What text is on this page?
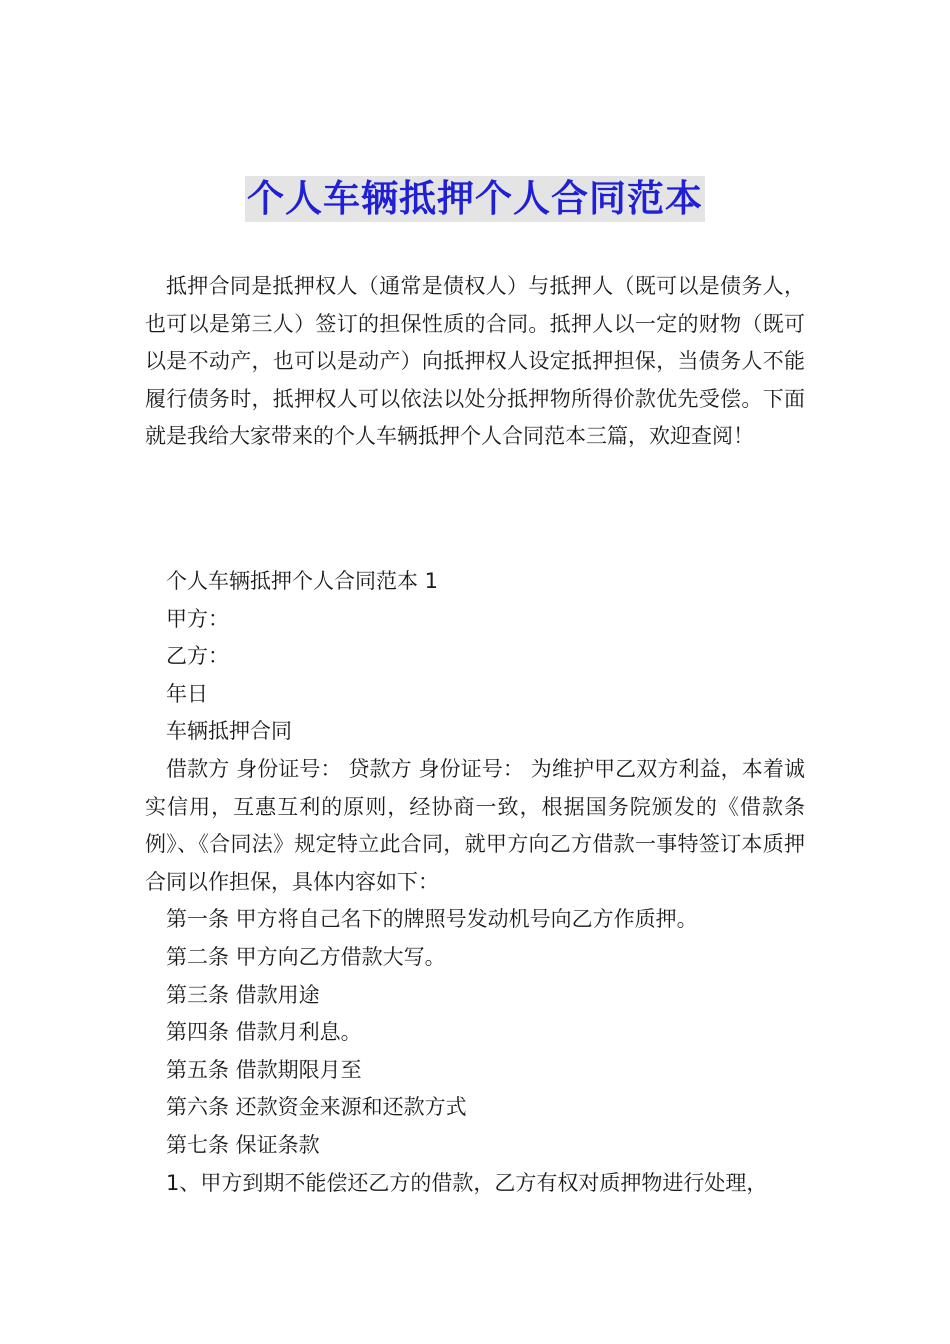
个人车辆抵押个人合同范本

抵押合同是抵押权人（通常是债权人）与抵押人（既可以是债务人，也可以是第三人）签订的担保性质的合同。抵押人以一定的财物（既可以是不动产，也可以是动产）向抵押权人设定抵押担保，当债务人不能履行债务时，抵押权人可以依法以处分抵押物所得价款优先受偿。下面就是我给大家带来的个人车辆抵押个人合同范本三篇，欢迎查阅！

个人车辆抵押个人合同范本 1

甲方：

乙方：

年日

车辆抵押合同

借款方 身份证号： 贷款方 身份证号： 为维护甲乙双方利益，本着诚实信用，互惠互利的原则，经协商一致，根据国务院颁发的《借款条例》、《合同法》规定特立此合同，就甲方向乙方借款一事特签订本质押合同以作担保，具体内容如下：

第一条 甲方将自己名下的牌照号发动机号向乙方作质押。

第二条 甲方向乙方借款大写。

第三条 借款用途

第四条 借款月利息。

第五条 借款期限月至

第六条 还款资金来源和还款方式

第七条 保证条款

1、甲方到期不能偿还乙方的借款，乙方有权对质押物进行处理，
